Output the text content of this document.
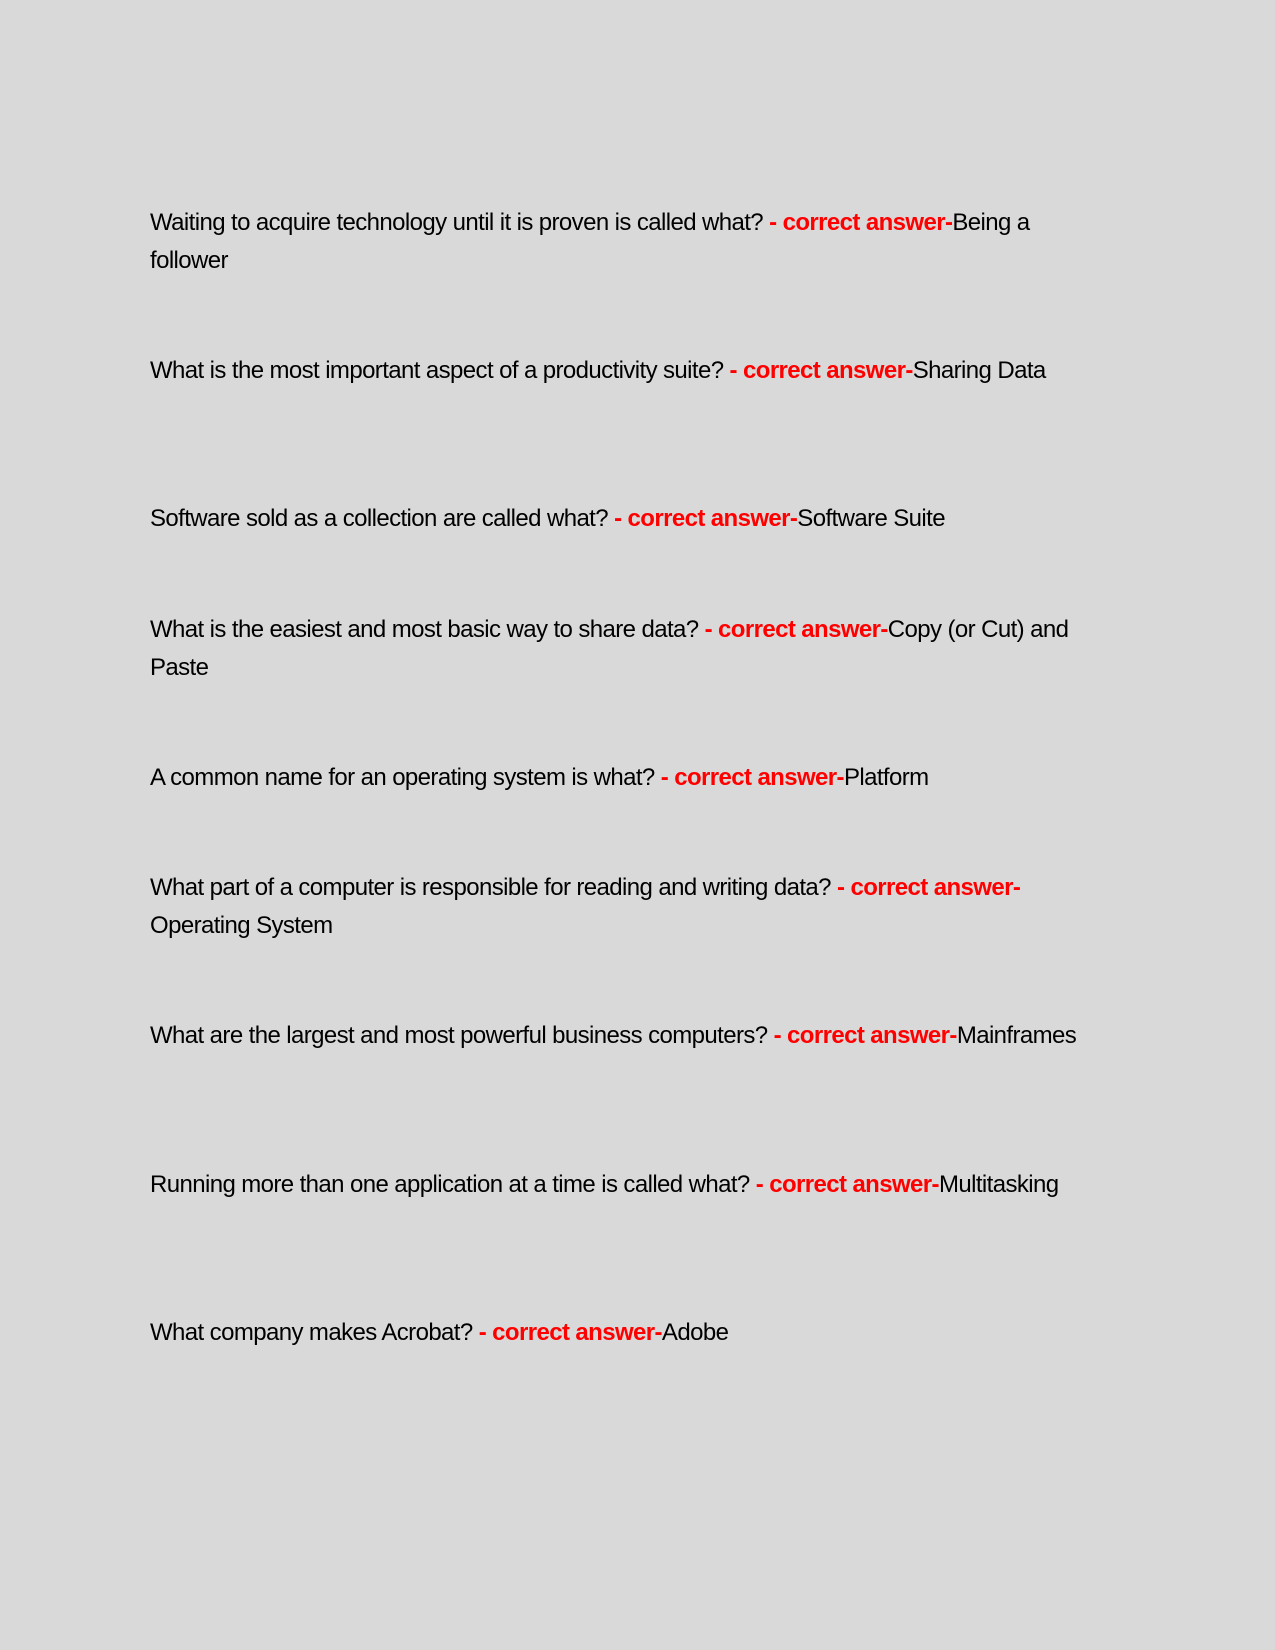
Waiting to acquire technology until it is proven is called what? - correct answer-Being a follower

What is the most important aspect of a productivity suite? - correct answer-Sharing Data

Software sold as a collection are called what? - correct answer-Software Suite

What is the easiest and most basic way to share data? - correct answer-Copy (or Cut) and Paste

A common name for an operating system is what? - correct answer-Platform

What part of a computer is responsible for reading and writing data? - correct answer-Operating System

What are the largest and most powerful business computers? - correct answer-Mainframes

Running more than one application at a time is called what? - correct answer-Multitasking

What company makes Acrobat? - correct answer-Adobe
